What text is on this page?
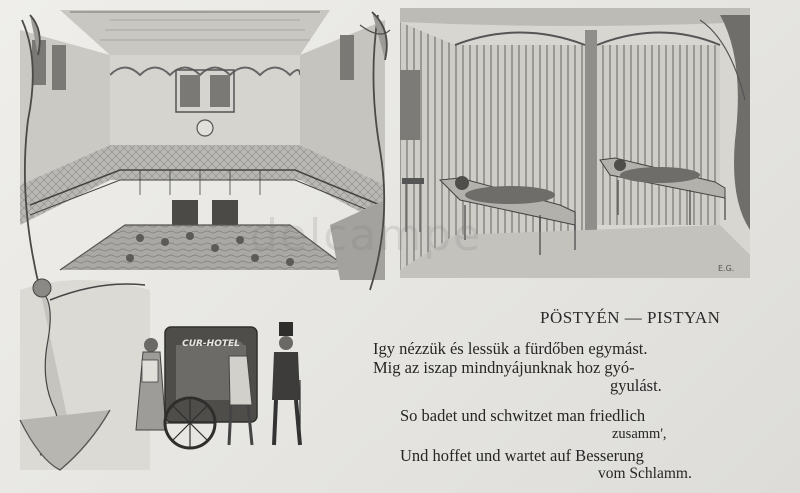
delcampe
E.G.
CUR-HOTEL
PÖSTYÉN — PISTYAN
Igy nézzük és lessük a fürdőben egymást.
Mig az iszap mindnyájunknak hoz gyó-
gyulást.
So badet und schwitzet man friedlich
zusamm',
Und hoffet und wartet auf Besserung
vom Schlamm.
